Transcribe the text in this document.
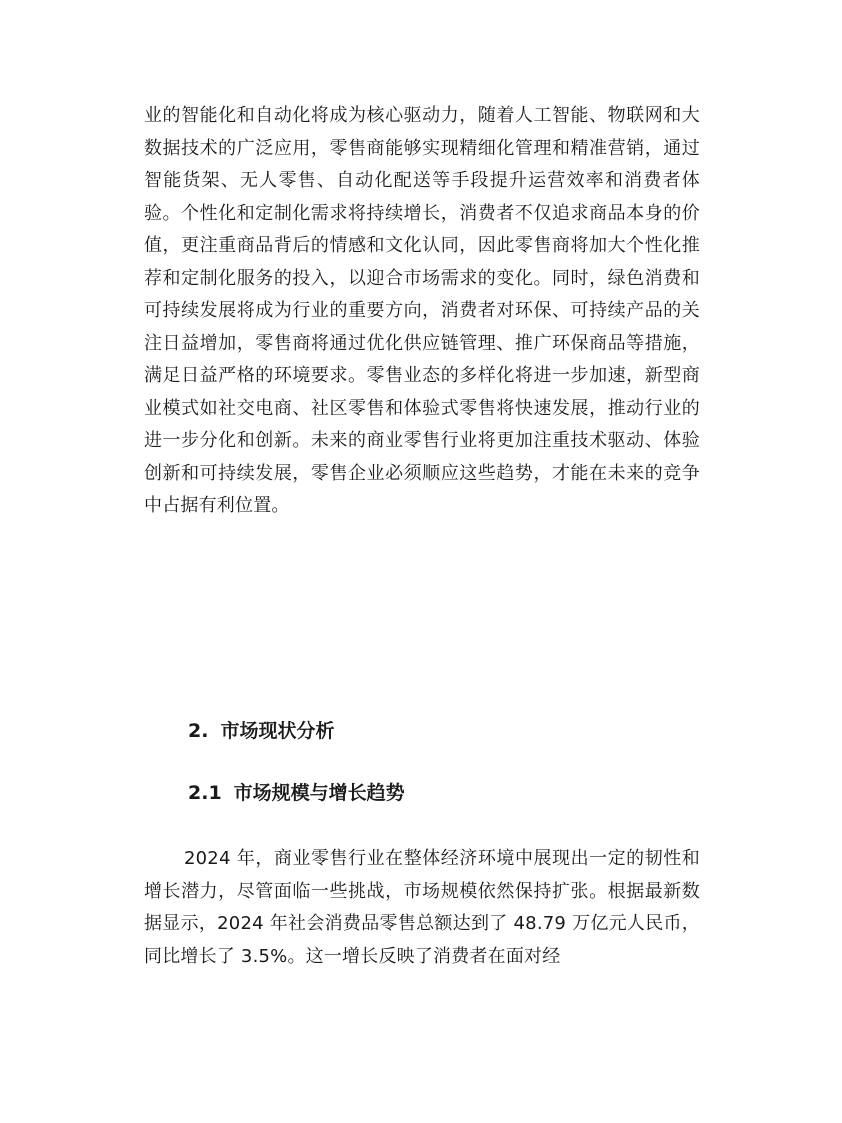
业的智能化和自动化将成为核心驱动力，随着人工智能、物联网和大数据技术的广泛应用，零售商能够实现精细化管理和精准营销，通过智能货架、无人零售、自动化配送等手段提升运营效率和消费者体验。个性化和定制化需求将持续增长，消费者不仅追求商品本身的价值，更注重商品背后的情感和文化认同，因此零售商将加大个性化推荐和定制化服务的投入，以迎合市场需求的变化。同时，绿色消费和可持续发展将成为行业的重要方向，消费者对环保、可持续产品的关注日益增加，零售商将通过优化供应链管理、推广环保商品等措施，满足日益严格的环境要求。零售业态的多样化将进一步加速，新型商业模式如社交电商、社区零售和体验式零售将快速发展，推动行业的进一步分化和创新。未来的商业零售行业将更加注重技术驱动、体验创新和可持续发展，零售企业必须顺应这些趋势，才能在未来的竞争中占据有利位置。

2. 市场现状分析
2.1 市场规模与增长趋势

2024 年，商业零售行业在整体经济环境中展现出一定的韧性和增长潜力，尽管面临一些挑战，市场规模依然保持扩张。根据最新数据显示，2024 年社会消费品零售总额达到了 48.79 万亿元人民币，同比增长了 3.5%。这一增长反映了消费者在面对经
